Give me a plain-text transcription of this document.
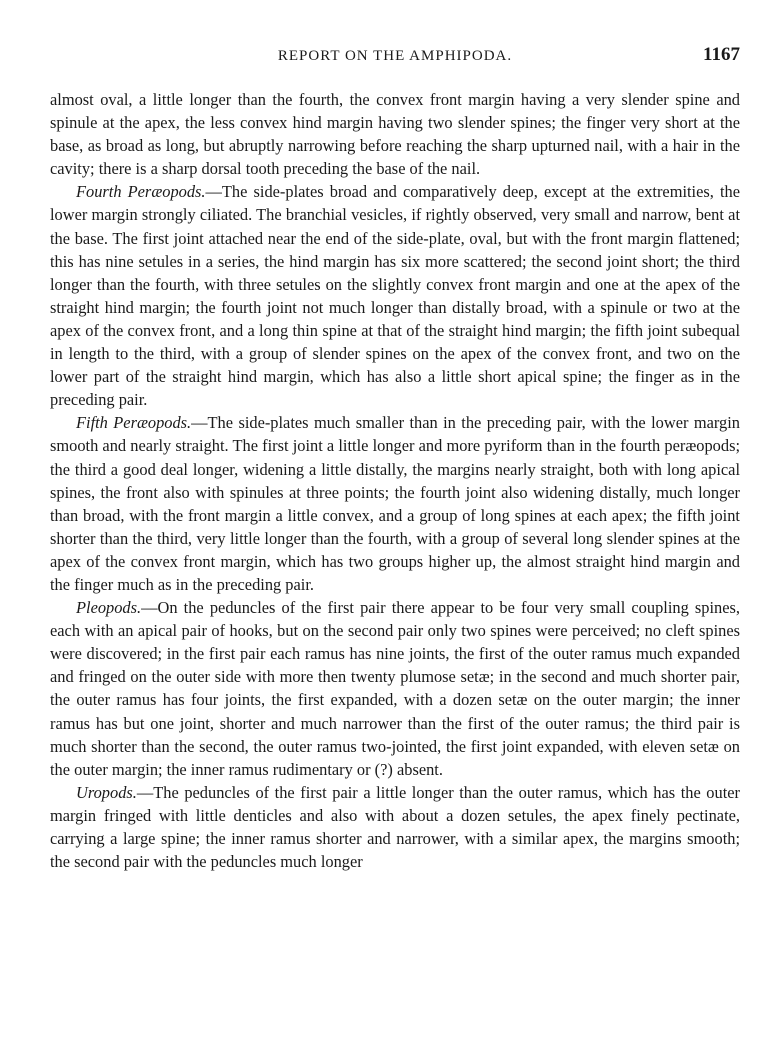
REPORT ON THE AMPHIPODA.	1167

almost oval, a little longer than the fourth, the convex front margin having a very slender spine and spinule at the apex, the less convex hind margin having two slender spines; the finger very short at the base, as broad as long, but abruptly narrowing before reaching the sharp upturned nail, with a hair in the cavity; there is a sharp dorsal tooth preceding the base of the nail.

Fourth Peræopods.—The side-plates broad and comparatively deep, except at the extremities, the lower margin strongly ciliated. The branchial vesicles, if rightly observed, very small and narrow, bent at the base. The first joint attached near the end of the side-plate, oval, but with the front margin flattened; this has nine setules in a series, the hind margin has six more scattered; the second joint short; the third longer than the fourth, with three setules on the slightly convex front margin and one at the apex of the straight hind margin; the fourth joint not much longer than distally broad, with a spinule or two at the apex of the convex front, and a long thin spine at that of the straight hind margin; the fifth joint subequal in length to the third, with a group of slender spines on the apex of the convex front, and two on the lower part of the straight hind margin, which has also a little short apical spine; the finger as in the preceding pair.

Fifth Peræopods.—The side-plates much smaller than in the preceding pair, with the lower margin smooth and nearly straight. The first joint a little longer and more pyriform than in the fourth peræopods; the third a good deal longer, widening a little distally, the margins nearly straight, both with long apical spines, the front also with spinules at three points; the fourth joint also widening distally, much longer than broad, with the front margin a little convex, and a group of long spines at each apex; the fifth joint shorter than the third, very little longer than the fourth, with a group of several long slender spines at the apex of the convex front margin, which has two groups higher up, the almost straight hind margin and the finger much as in the preceding pair.

Pleopods.—On the peduncles of the first pair there appear to be four very small coupling spines, each with an apical pair of hooks, but on the second pair only two spines were perceived; no cleft spines were discovered; in the first pair each ramus has nine joints, the first of the outer ramus much expanded and fringed on the outer side with more then twenty plumose setæ; in the second and much shorter pair, the outer ramus has four joints, the first expanded, with a dozen setæ on the outer margin; the inner ramus has but one joint, shorter and much narrower than the first of the outer ramus; the third pair is much shorter than the second, the outer ramus two-jointed, the first joint expanded, with eleven setæ on the outer margin; the inner ramus rudimentary or (?) absent.

Uropods.—The peduncles of the first pair a little longer than the outer ramus, which has the outer margin fringed with little denticles and also with about a dozen setules, the apex finely pectinate, carrying a large spine; the inner ramus shorter and narrower, with a similar apex, the margins smooth; the second pair with the peduncles much longer
